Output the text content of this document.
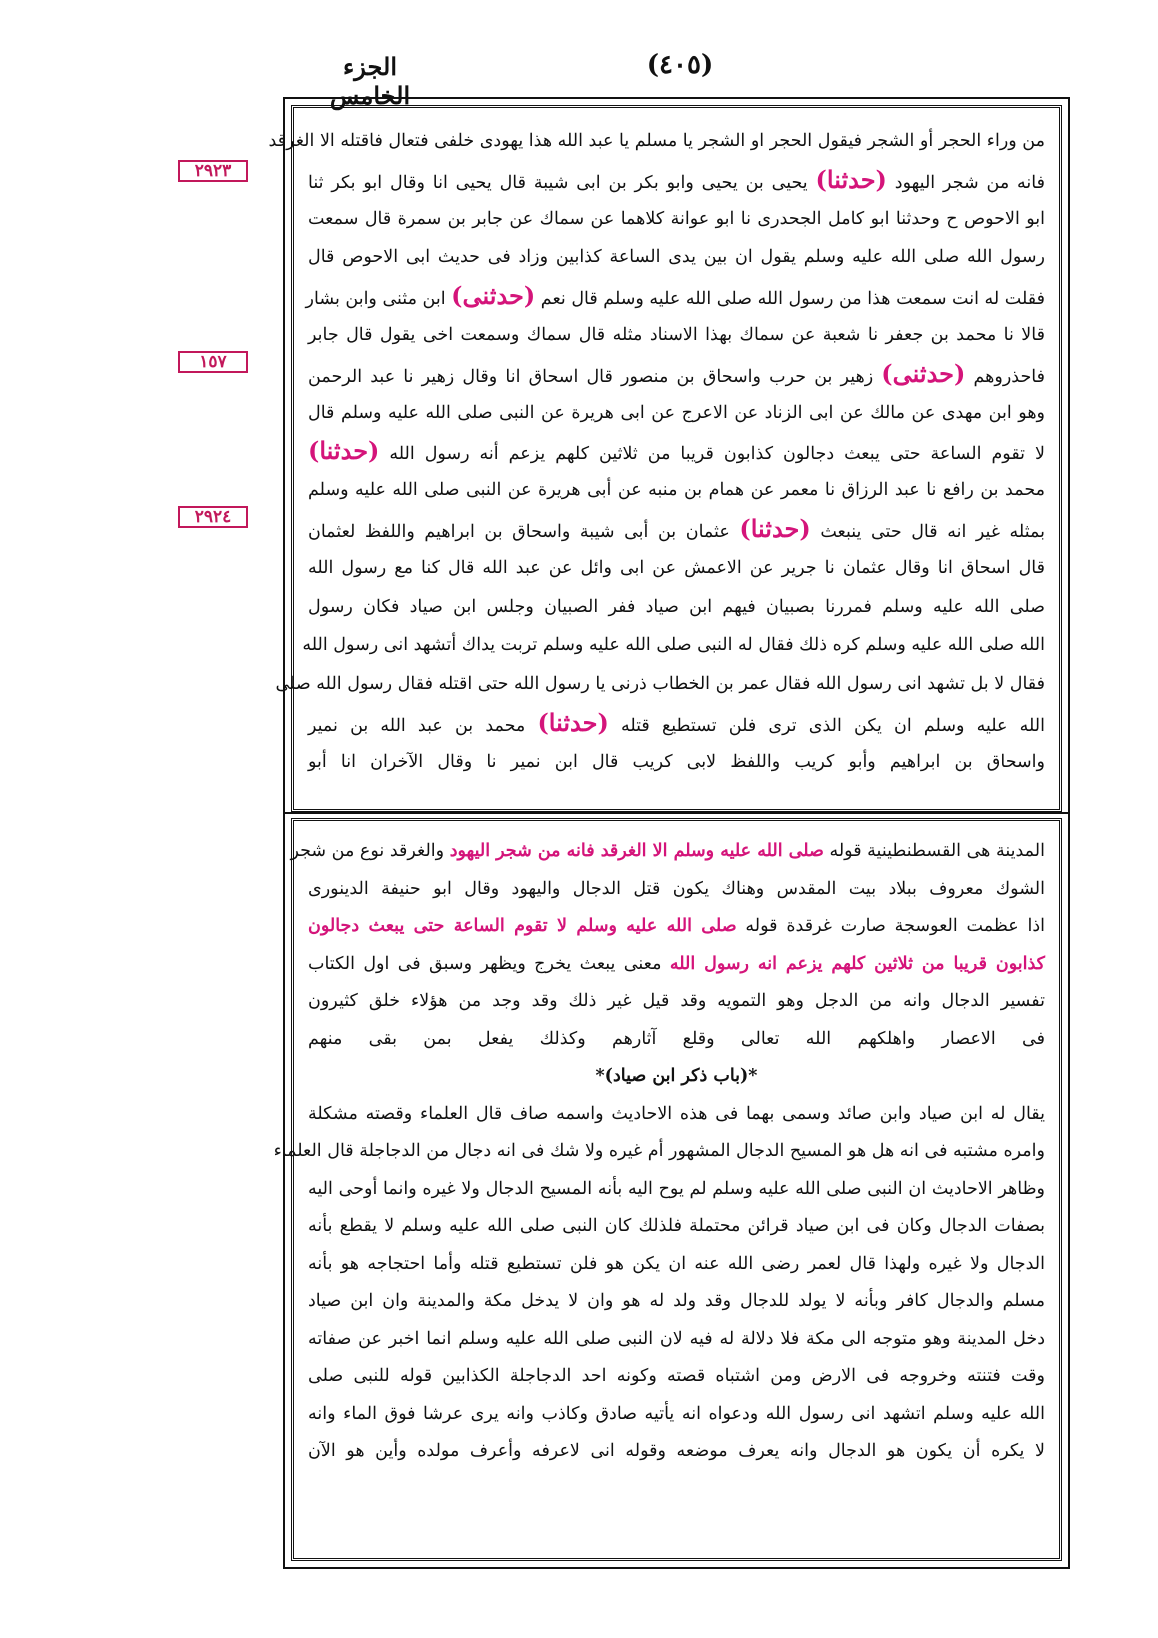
الجزء الخامس
(٤٠٥)
٢٩٢٣
١٥٧
٢٩٢٤
من وراء الحجر أو الشجر فيقول الحجر او الشجر يا مسلم يا عبد الله هذا يهودى خلفى فتعال فاقتله الا الغرقد
فانه من شجر اليهود (حدثنا) يحيى بن يحيى وابو بكر بن ابى شيبة قال يحيى انا وقال ابو بكر ثنا
ابو الاحوص ح وحدثنا ابو كامل الجحدرى نا ابو عوانة كلاهما عن سماك عن جابر بن سمرة قال سمعت
رسول الله صلى الله عليه وسلم يقول ان بين يدى الساعة كذابين وزاد فى حديث ابى الاحوص قال
فقلت له انت سمعت هذا من رسول الله صلى الله عليه وسلم قال نعم (حدثنى) ابن مثنى وابن بشار
قالا نا محمد بن جعفر نا شعبة عن سماك بهذا الاسناد مثله قال سماك وسمعت اخى يقول قال جابر
فاحذروهم (حدثنى) زهير بن حرب واسحاق بن منصور قال اسحاق انا وقال زهير نا عبد الرحمن
وهو ابن مهدى عن مالك عن ابى الزناد عن الاعرج عن ابى هريرة عن النبى صلى الله عليه وسلم قال
لا تقوم الساعة حتى يبعث دجالون كذابون قريبا من ثلاثين كلهم يزعم أنه رسول الله (حدثنا)
محمد بن رافع نا عبد الرزاق نا معمر عن همام بن منبه عن أبى هريرة عن النبى صلى الله عليه وسلم
بمثله غير انه قال حتى ينبعث (حدثنا) عثمان بن أبى شيبة واسحاق بن ابراهيم واللفظ لعثمان
قال اسحاق انا وقال عثمان نا جرير عن الاعمش عن ابى وائل عن عبد الله قال كنا مع رسول الله
صلى الله عليه وسلم فمررنا بصبيان فيهم ابن صياد ففر الصبيان وجلس ابن صياد فكان رسول
الله صلى الله عليه وسلم كره ذلك فقال له النبى صلى الله عليه وسلم تربت يداك أتشهد انى رسول الله
فقال لا بل تشهد انى رسول الله فقال عمر بن الخطاب ذرنى يا رسول الله حتى اقتله فقال رسول الله صلى
الله عليه وسلم ان يكن الذى ترى فلن تستطيع قتله (حدثنا) محمد بن عبد الله بن نمير
واسحاق بن ابراهيم وأبو كريب واللفظ لابى كريب قال ابن نمير نا وقال الآخران انا أبو
المدينة هى القسطنطينية قوله صلى الله عليه وسلم الا الغرقد فانه من شجر اليهود والغرقد نوع من شجر
الشوك معروف ببلاد بيت المقدس وهناك يكون قتل الدجال واليهود وقال ابو حنيفة الدينورى
اذا عظمت العوسجة صارت غرقدة قوله صلى الله عليه وسلم لا تقوم الساعة حتى يبعث دجالون
كذابون قريبا من ثلاثين كلهم يزعم انه رسول الله معنى يبعث يخرج ويظهر وسبق فى اول الكتاب
تفسير الدجال وانه من الدجل وهو التمويه وقد قيل غير ذلك وقد وجد من هؤلاء خلق كثيرون
فى الاعصار واهلكهم الله تعالى وقلع آثارهم وكذلك يفعل بمن بقى منهم
*(باب ذكر ابن صياد)*
يقال له ابن صياد وابن صائد وسمى بهما فى هذه الاحاديث واسمه صاف قال العلماء وقصته مشكلة
وامره مشتبه فى انه هل هو المسيح الدجال المشهور أم غيره ولا شك فى انه دجال من الدجاجلة قال العلماء
وظاهر الاحاديث ان النبى صلى الله عليه وسلم لم يوح اليه بأنه المسيح الدجال ولا غيره وانما أوحى اليه
بصفات الدجال وكان فى ابن صياد قرائن محتملة فلذلك كان النبى صلى الله عليه وسلم لا يقطع بأنه
الدجال ولا غيره ولهذا قال لعمر رضى الله عنه ان يكن هو فلن تستطيع قتله وأما احتجاجه هو بأنه
مسلم والدجال كافر وبأنه لا يولد للدجال وقد ولد له هو وان لا يدخل مكة والمدينة وان ابن صياد
دخل المدينة وهو متوجه الى مكة فلا دلالة له فيه لان النبى صلى الله عليه وسلم انما اخبر عن صفاته
وقت فتنته وخروجه فى الارض ومن اشتباه قصته وكونه احد الدجاجلة الكذابين قوله للنبى صلى
الله عليه وسلم اتشهد انى رسول الله ودعواه انه يأتيه صادق وكاذب وانه يرى عرشا فوق الماء وانه
لا يكره أن يكون هو الدجال وانه يعرف موضعه وقوله انى لاعرفه وأعرف مولده وأين هو الآن
